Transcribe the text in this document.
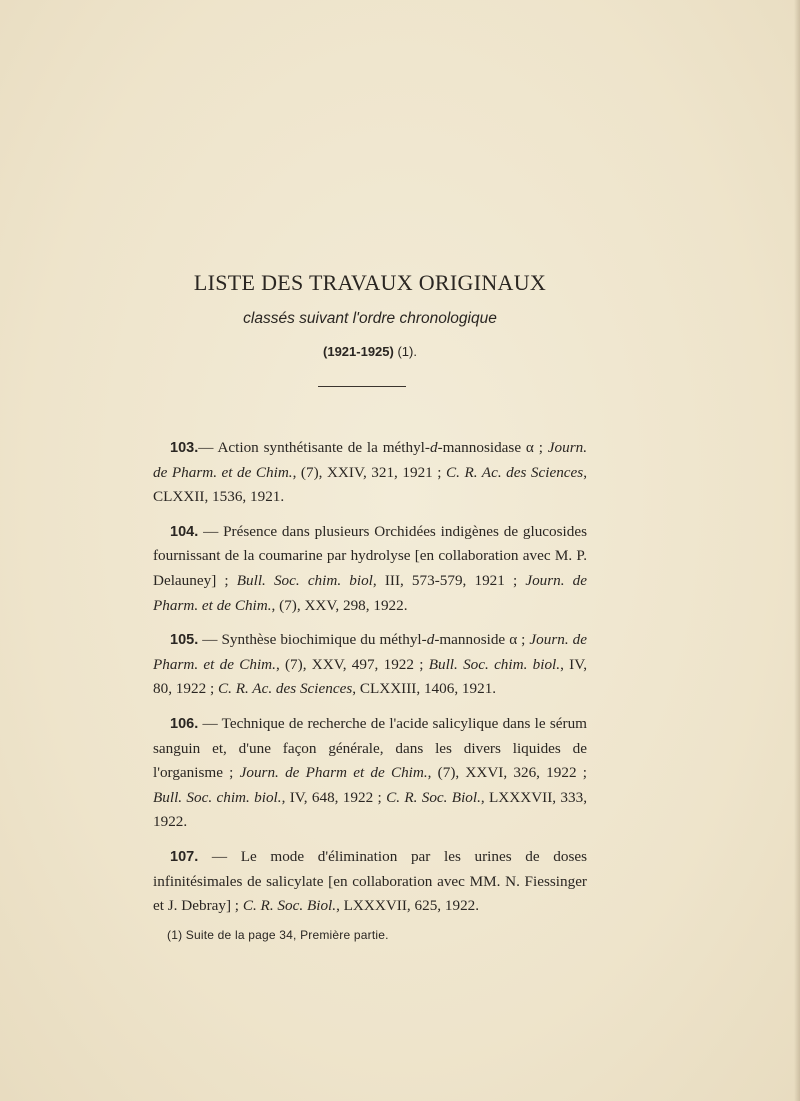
LISTE DES TRAVAUX ORIGINAUX
classés suivant l'ordre chronologique
(1921-1925) (1).

103.— Action synthétisante de la méthyl-d-mannosidase α ; Journ. de Pharm. et de Chim., (7), XXIV, 321, 1921 ; C. R. Ac. des Sciences, CLXXII, 1536, 1921.

104. — Présence dans plusieurs Orchidées indigènes de glucosides fournissant de la coumarine par hydrolyse [en collaboration avec M. P. Delauney] ; Bull. Soc. chim. biol, III, 573-579, 1921 ; Journ. de Pharm. et de Chim., (7), XXV, 298, 1922.

105. — Synthèse biochimique du méthyl-d-mannoside α ; Journ. de Pharm. et de Chim., (7), XXV, 497, 1922 ; Bull. Soc. chim. biol., IV, 80, 1922 ; C. R. Ac. des Sciences, CLXXIII, 1406, 1921.

106. — Technique de recherche de l'acide salicylique dans le sérum sanguin et, d'une façon générale, dans les divers liquides de l'organisme ; Journ. de Pharm et de Chim., (7), XXVI, 326, 1922 ; Bull. Soc. chim. biol., IV, 648, 1922 ; C. R. Soc. Biol., LXXXVII, 333, 1922.

107. — Le mode d'élimination par les urines de doses infinitésimales de salicylate [en collaboration avec MM. N. Fiessinger et J. Debray] ; C. R. Soc. Biol., LXXXVII, 625, 1922.

(1) Suite de la page 34, Première partie.
